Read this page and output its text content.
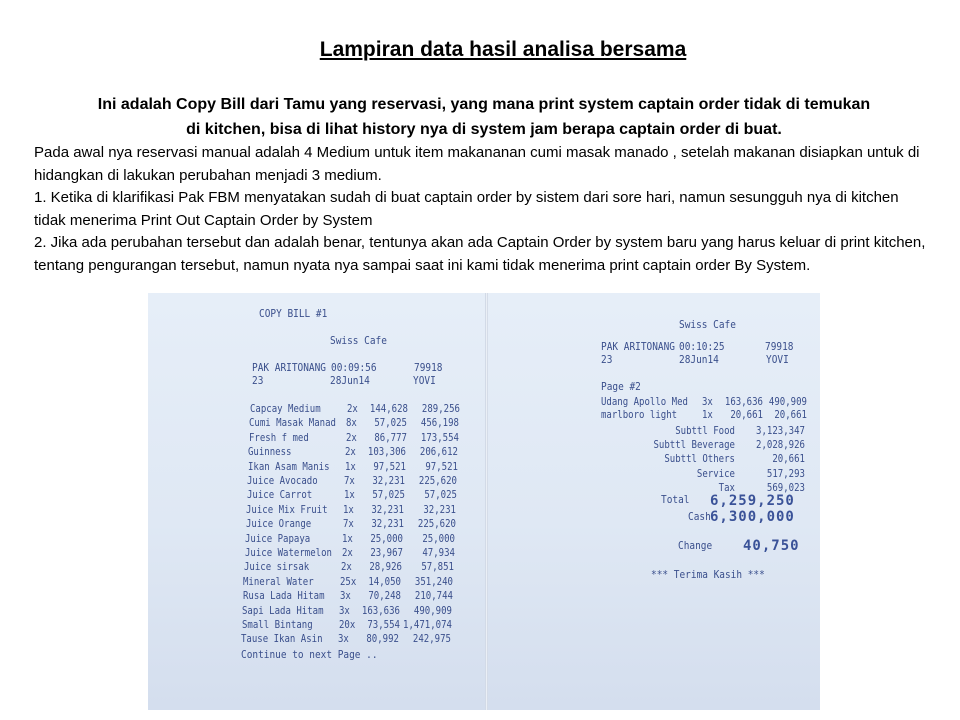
Lampiran data hasil analisa bersama
Ini adalah Copy Bill dari Tamu yang reservasi, yang mana print system captain order tidak di temukan
di kitchen, bisa di lihat history nya di system jam berapa captain order di buat.

Pada awal nya reservasi manual adalah 4 Medium untuk item makananan cumi masak manado , setelah makanan disiapkan untuk di hidangkan di lakukan perubahan menjadi 3 medium.

1. Ketika di klarifikasi Pak FBM menyatakan sudah di buat captain order by sistem dari sore hari, namun sesungguh nya di kitchen tidak menerima Print Out Captain Order by System

2. Jika ada perubahan tersebut dan adalah benar, tentunya akan ada Captain Order by system baru yang harus keluar di print kitchen, tentang pengurangan tersebut, namun nyata nya sampai saat ini kami tidak menerima print captain order By System.

COPY BILL #1
Swiss Cafe
PAK ARITONANG 00:09:56	79918
23	28Jun14	YOVI
Capcay Medium	2x	144,628	289,256
Cumi Masak Manad 8x	57,025	456,198
Fresh f med	2x	86,777	173,554
Guinness	2x	103,306	206,612
Ikan Asam Manis 1x	97,521	97,521
Juice Avocado	7x	32,231	225,620
Juice Carrot	1x	57,025	57,025
Juice Mix Fruit 1x	32,231	32,231
Juice Orange	7x	32,231	225,620
Juice Papaya	1x	25,000	25,000
Juice Watermelon 2x	23,967	47,934
Juice sirsak	2x	28,926	57,851
Mineral Water	25x	14,050	351,240
Rusa Lada Hitam 3x	70,248	210,744
Sapi Lada Hitam 3x	163,636	490,909
Small Bintang	20x	73,554 1,471,074
Tause Ikan Asin 3x	80,992	242,975
Continue to next Page ..
Swiss Cafe
PAK ARITONANG 00:10:25	79918
23	28Jun14	YOVI
Page #2
Udang Apollo Med 3x	163,636 490,909
marlboro light 1x	20,661	20,661
Subttl Food	3,123,347
Subttl Beverage	2,028,926
Subttl Others	20,661
Service	517,293
Tax	569,023
Total 6,259,250
Cash 6,300,000
Change 40,750
*** Terima Kasih ***
